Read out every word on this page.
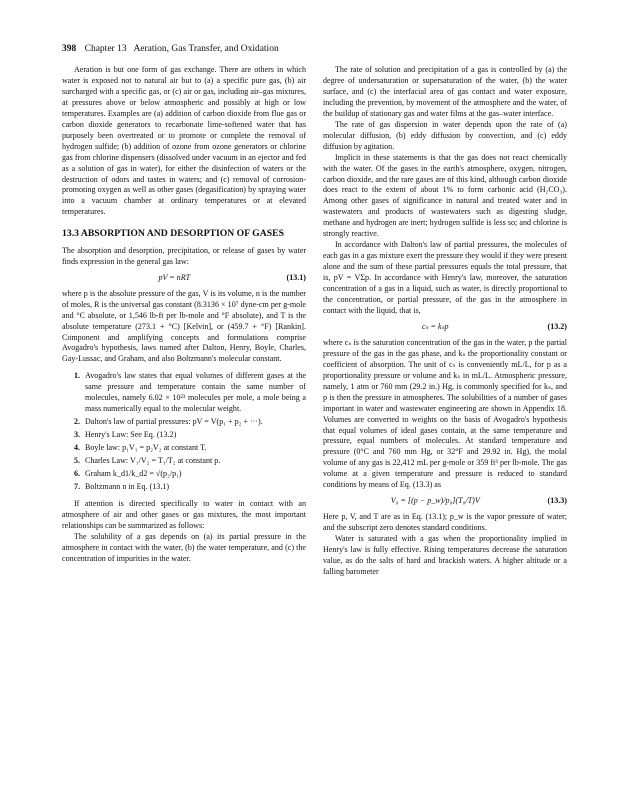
398 Chapter 13 Aeration, Gas Transfer, and Oxidation

Aeration is but one form of gas exchange. There are others in which water is exposed not to natural air but to (a) a specific pure gas, (b) air surcharged with a specific gas, or (c) air or gas, including air–gas mixtures, at pressures above or below atmospheric and possibly at high or low temperatures. Examples are (a) addition of carbon dioxide from flue gas or carbon dioxide generators to recarbonate lime-softened water that has purposely been overtreated or to promote or complete the removal of hydrogen sulfide; (b) addition of ozone from ozone generators or chlorine gas from chlorine dispensers (dissolved under vacuum in an ejector and fed as a solution of gas in water), for either the disinfection of waters or the destruction of odors and tastes in waters; and (c) removal of corrosion-promoting oxygen as well as other gases (degasification) by spraying water into a vacuum chamber at ordinary temperatures or at elevated temperatures.

13.3 ABSORPTION AND DESORPTION OF GASES

The absorption and desorption, precipitation, or release of gases by water finds expression in the general gas law:

pV = nRT	(13.1)

where p is the absolute pressure of the gas, V is its volume, n is the number of moles, R is the universal gas constant (8.3136 × 10⁷ dyne-cm per g-mole and °C absolute, or 1,546 lb-ft per lb-mole and °F absolute), and T is the absolute temperature (273.1 + °C) [Kelvin], or (459.7 + °F) [Rankin]. Component and amplifying concepts and formulations comprise Avogadro's hypothesis, laws named after Dalton, Henry, Boyle, Charles, Gay-Lussac, and Graham, and also Boltzmann's molecular constant.

1. Avogadro's law states that equal volumes of different gases at the same pressure and temperature contain the same number of molecules, namely 6.02 × 10²³ molecules per mole, a mole being a mass numerically equal to the molecular weight.
2. Dalton's law of partial pressures: pV = V(p₁ + p₂ + ···).
3. Henry's Law: See Eq. (13.2)
4. Boyle law: p₁V₁ = p₂V₂ at constant T.
5. Charles Law: V₁/V₂ = T₁/T₂ at constant p.
6. Graham k_d1/k_d2 = √(p₂/p₁)
7. Boltzmann n in Eq. (13.1)

If attention is directed specifically to water in contact with an atmosphere of air and other gases or gas mixtures, the most important relationships can be summarized as follows:

The solubility of a gas depends on (a) its partial pressure in the atmosphere in contact with the water, (b) the water temperature, and (c) the concentration of impurities in the water.

The rate of solution and precipitation of a gas is controlled by (a) the degree of undersaturation or supersaturation of the water, (b) the water surface, and (c) the interfacial area of gas contact and water exposure, including the prevention, by movement of the atmosphere and the water, of the buildup of stationary gas and water films at the gas–water interface.

The rate of gas dispersion in water depends upon the rate of (a) molecular diffusion, (b) eddy diffusion by convection, and (c) eddy diffusion by agitation.

Implicit in these statements is that the gas does not react chemically with the water. Of the gases in the earth's atmosphere, oxygen, nitrogen, carbon dioxide, and the rare gases are of this kind, although carbon dioxide does react to the extent of about 1% to form carbonic acid (H₂CO₃). Among other gases of significance in natural and treated water and in wastewaters and products of wastewaters such as digesting sludge, methane and hydrogen are inert; hydrogen sulfide is less so; and chlorine is strongly reactive.

In accordance with Dalton's law of partial pressures, the molecules of each gas in a gas mixture exert the pressure they would if they were present alone and the sum of these partial pressures equals the total pressure, that is, pV = VΣp. In accordance with Henry's law, moreover, the saturation concentration of a gas in a liquid, such as water, is directly proportional to the concentration, or partial pressure, of the gas in the atmosphere in contact with the liquid, that is,

cₛ = kₛp	(13.2)

where cₛ is the saturation concentration of the gas in the water, p the partial pressure of the gas in the gas phase, and kₛ the proportionality constant or coefficient of absorption. The unit of cₛ is conveniently mL/L, for p as a proportionality pressure or volume and kₛ in mL/L. Atmospheric pressure, namely, 1 atm or 760 mm (29.2 in.) Hg, is commonly specified for kₛ, and p is then the pressure in atmospheres. The solubilities of a number of gases important in water and wastewater engineering are shown in Appendix 18. Volumes are converted to weights on the basis of Avogadro's hypothesis that equal volumes of ideal gases contain, at the same temperature and pressure, equal numbers of molecules. At standard temperature and pressure (0°C and 760 mm Hg, or 32°F and 29.92 in. Hg), the molal volume of any gas is 22,412 mL per g-mole or 359 ft³ per lb-mole. The gas volume at a given temperature and pressure is reduced to standard conditions by means of Eq. (13.3) as

V₀ = [(p − p_w)/p₀](T₀/T)V	(13.3)

Here p, V, and T are as in Eq. (13.1); p_w is the vapor pressure of water; and the subscript zero denotes standard conditions.

Water is saturated with a gas when the proportionality implied in Henry's law is fully effective. Rising temperatures decrease the saturation value, as do the salts of hard and brackish waters. A higher altitude or a falling barometer
